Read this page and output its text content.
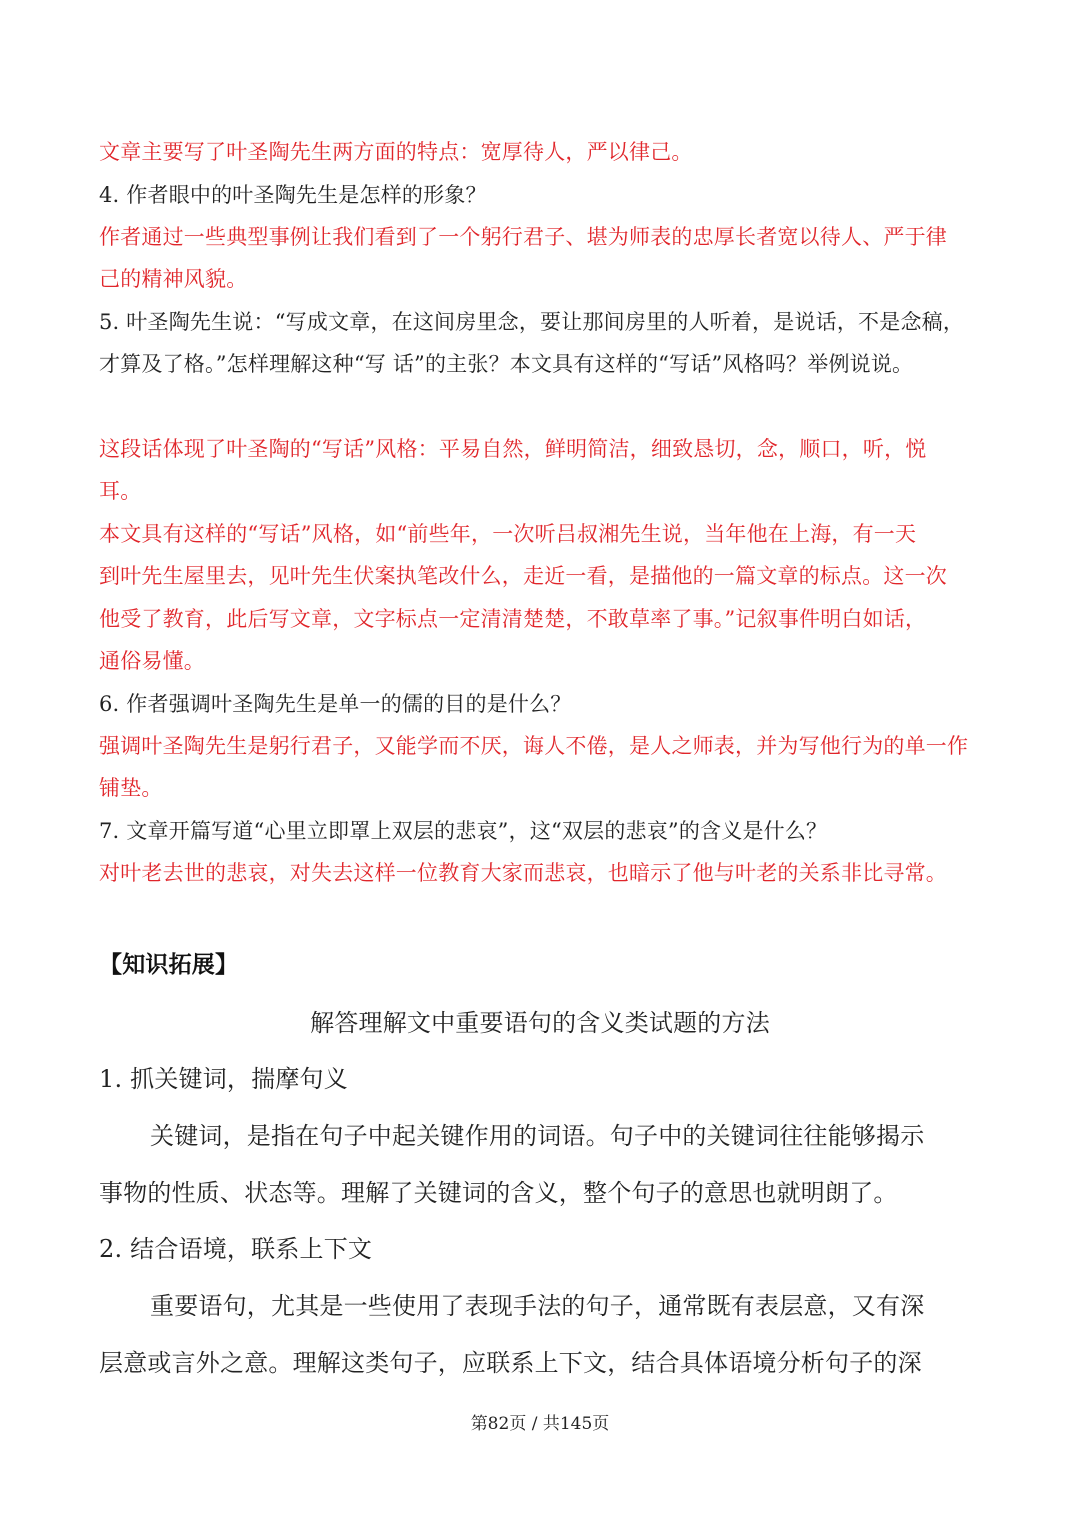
文章主要写了叶圣陶先生两方面的特点：宽厚待人，严以律己。
4. 作者眼中的叶圣陶先生是怎样的形象？
作者通过一些典型事例让我们看到了一个躬行君子、堪为师表的忠厚长者宽以待人、严于律
己的精神风貌。
5. 叶圣陶先生说：“写成文章，在这间房里念，要让那间房里的人听着，是说话，不是念稿，
才算及了格。”怎样理解这种“写 话”的主张？本文具有这样的“写话”风格吗？举例说说。
这段话体现了叶圣陶的“写话”风格：平易自然，鲜明简洁，细致恳切，念，顺口，听，悦
耳。
本文具有这样的“写话”风格，如“前些年，一次听吕叔湘先生说，当年他在上海，有一天
到叶先生屋里去，见叶先生伏案执笔改什么，走近一看，是描他的一篇文章的标点。这一次
他受了教育，此后写文章，文字标点一定清清楚楚，不敢草率了事。”记叙事件明白如话，
通俗易懂。
6. 作者强调叶圣陶先生是单一的儒的目的是什么？
强调叶圣陶先生是躬行君子，又能学而不厌，诲人不倦，是人之师表，并为写他行为的单一作
铺垫。
7. 文章开篇写道“心里立即罩上双层的悲哀”，这“双层的悲哀”的含义是什么？
对叶老去世的悲哀，对失去这样一位教育大家而悲哀，也暗示了他与叶老的关系非比寻常。
【知识拓展】
解答理解文中重要语句的含义类试题的方法
1. 抓关键词，揣摩句义
关键词，是指在句子中起关键作用的词语。句子中的关键词往往能够揭示
事物的性质、状态等。理解了关键词的含义，整个句子的意思也就明朗了。
2. 结合语境，联系上下文
重要语句，尤其是一些使用了表现手法的句子，通常既有表层意，又有深
层意或言外之意。理解这类句子，应联系上下文，结合具体语境分析句子的深
第82页 / 共145页
